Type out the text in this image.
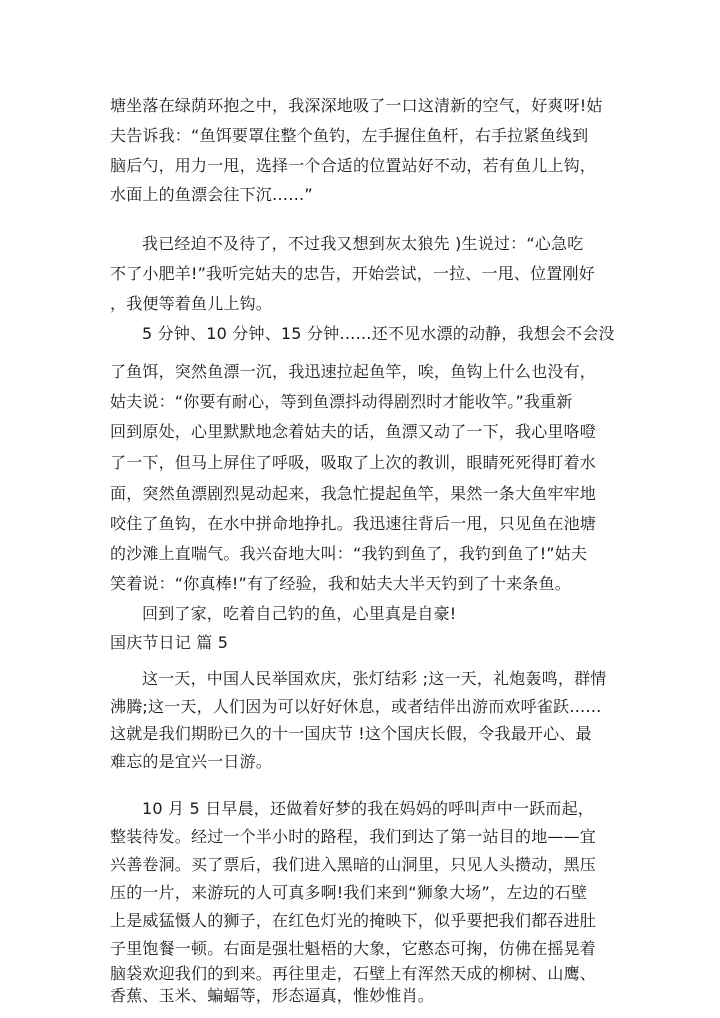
塘坐落在绿荫环抱之中，我深深地吸了一口这清新的空气，好爽呀!姑
夫告诉我：“鱼饵要罩住整个鱼钓，左手握住鱼杆，右手拉紧鱼线到
脑后勺，用力一甩，选择一个合适的位置站好不动，若有鱼儿上钩，
水面上的鱼漂会往下沉……”
我已经迫不及待了，不过我又想到灰太狼先 )生说过：“心急吃
不了小肥羊!”我听完姑夫的忠告，开始尝试，一拉、一甩、位置刚好
，我便等着鱼儿上钩。
5 分钟、10 分钟、15 分钟……还不见水漂的动静，我想会不会没
了鱼饵，突然鱼漂一沉，我迅速拉起鱼竿，唉，鱼钩上什么也没有，
姑夫说：“你要有耐心，等到鱼漂抖动得剧烈时才能收竿。”我重新
回到原处，心里默默地念着姑夫的话，鱼漂又动了一下，我心里咯噔
了一下，但马上屏住了呼吸，吸取了上次的教训，眼睛死死得盯着水
面，突然鱼漂剧烈晃动起来，我急忙提起鱼竿，果然一条大鱼牢牢地
咬住了鱼钩，在水中拼命地挣扎。我迅速往背后一甩，只见鱼在池塘
的沙滩上直喘气。我兴奋地大叫：“我钓到鱼了，我钓到鱼了!”姑夫
笑着说：“你真棒!”有了经验，我和姑夫大半天钓到了十来条鱼。
回到了家，吃着自己钓的鱼，心里真是自豪!
国庆节日记 篇 5
这一天，中国人民举国欢庆，张灯结彩 ;这一天，礼炮轰鸣，群情
沸腾;这一天，人们因为可以好好休息，或者结伴出游而欢呼雀跃……
这就是我们期盼已久的十一国庆节 !这个国庆长假，令我最开心、最
难忘的是宜兴一日游。
10 月 5 日早晨，还做着好梦的我在妈妈的呼叫声中一跃而起，
整装待发。经过一个半小时的路程，我们到达了第一站目的地——宜
兴善卷洞。买了票后，我们进入黑暗的山洞里，只见人头攒动，黑压
压的一片，来游玩的人可真多啊!我们来到“狮象大场”，左边的石壁
上是威猛慑人的狮子，在红色灯光的掩映下，似乎要把我们都吞进肚
子里饱餐一顿。右面是强壮魁梧的大象，它憨态可掬，仿佛在摇晃着
脑袋欢迎我们的到来。再往里走，石壁上有浑然天成的柳树、山鹰、
香蕉、玉米、蝙蝠等，形态逼真，惟妙惟肖。
